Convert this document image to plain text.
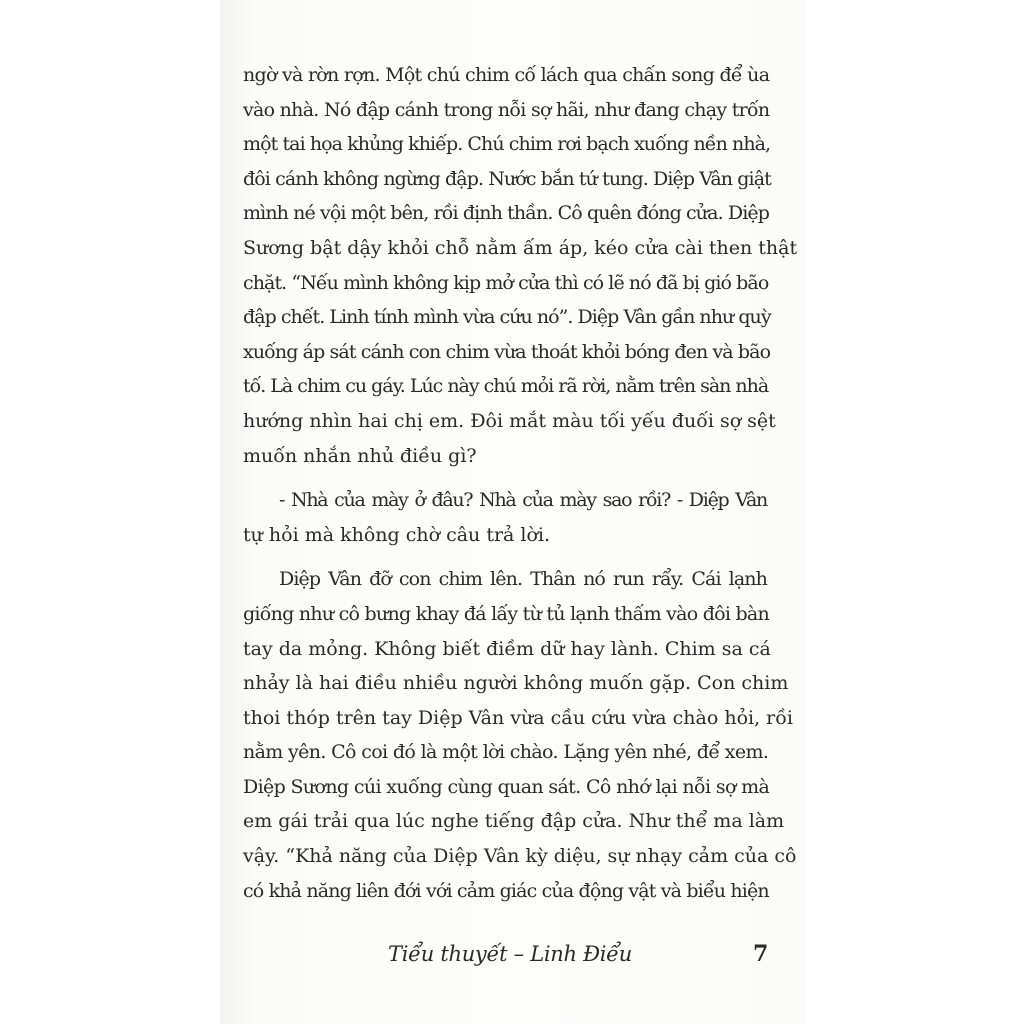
ngờ và rờn rợn. Một chú chim cố lách qua chấn song để ùa
vào nhà. Nó đập cánh trong nỗi sợ hãi, như đang chạy trốn
một tai họa khủng khiếp. Chú chim rơi bạch xuống nền nhà,
đôi cánh không ngừng đập. Nước bắn tứ tung. Diệp Vân giật
mình né vội một bên, rồi định thần. Cô quên đóng cửa. Diệp
Sương bật dậy khỏi chỗ nằm ấm áp, kéo cửa cài then thật
chặt. “Nếu mình không kịp mở cửa thì có lẽ nó đã bị gió bão
đập chết. Linh tính mình vừa cứu nó”. Diệp Vân gần như quỳ
xuống áp sát cánh con chim vừa thoát khỏi bóng đen và bão
tố. Là chim cu gáy. Lúc này chú mỏi rã rời, nằm trên sàn nhà
hướng nhìn hai chị em. Đôi mắt màu tối yếu đuối sợ sệt
muốn nhắn nhủ điều gì?
- Nhà của mày ở đâu? Nhà của mày sao rồi? - Diệp Vân
tự hỏi mà không chờ câu trả lời.
Diệp Vân đỡ con chim lên. Thân nó run rẩy. Cái lạnh
giống như cô bưng khay đá lấy từ tủ lạnh thấm vào đôi bàn
tay da mỏng. Không biết điềm dữ hay lành. Chim sa cá
nhảy là hai điều nhiều người không muốn gặp. Con chim
thoi thóp trên tay Diệp Vân vừa cầu cứu vừa chào hỏi, rồi
nằm yên. Cô coi đó là một lời chào. Lặng yên nhé, để xem.
Diệp Sương cúi xuống cùng quan sát. Cô nhớ lại nỗi sợ mà
em gái trải qua lúc nghe tiếng đập cửa. Như thể ma làm
vậy. “Khả năng của Diệp Vân kỳ diệu, sự nhạy cảm của cô
có khả năng liên đới với cảm giác của động vật và biểu hiện
Tiểu thuyết – Linh Điểu	7
